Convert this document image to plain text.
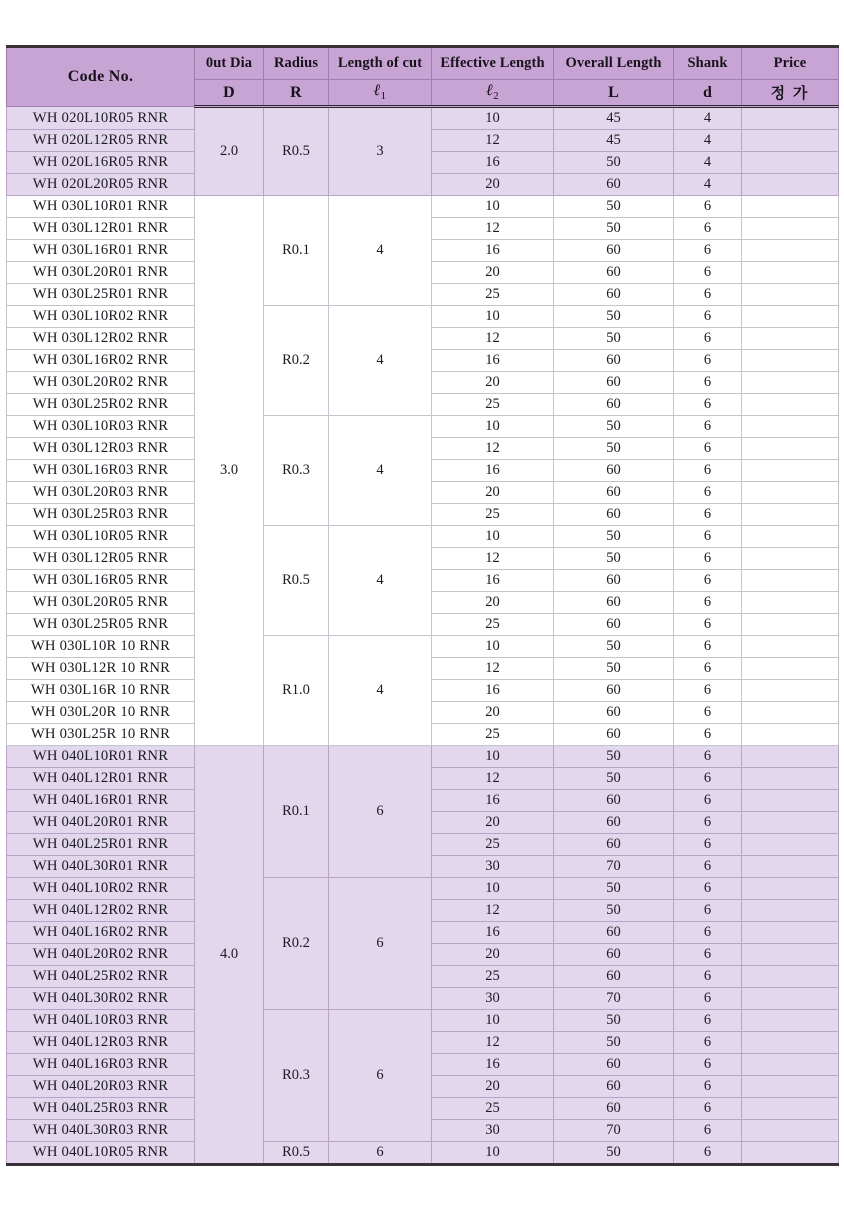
Code No.	0ut Dia	Radius	Length of cut	Effective Length	Overall Length	Shank	Price
	D	R	ℓ$_1$	ℓ$_2$	L	d	정 가
WH 020L10R05 RNR	2.0	R0.5	3	10	45	4	
WH 020L12R05 RNR				12	45	4	
WH 020L16R05 RNR				16	50	4	
WH 020L20R05 RNR				20	60	4	
WH 030L10R01 RNR	3.0	R0.1	4	10	50	6	
WH 030L12R01 RNR				12	50	6	
WH 030L16R01 RNR				16	60	6	
WH 030L20R01 RNR				20	60	6	
WH 030L25R01 RNR				25	60	6	
WH 030L10R02 RNR		R0.2	4	10	50	6	
WH 030L12R02 RNR				12	50	6	
WH 030L16R02 RNR				16	60	6	
WH 030L20R02 RNR				20	60	6	
WH 030L25R02 RNR				25	60	6	
WH 030L10R03 RNR		R0.3	4	10	50	6	
WH 030L12R03 RNR				12	50	6	
WH 030L16R03 RNR				16	60	6	
WH 030L20R03 RNR				20	60	6	
WH 030L25R03 RNR				25	60	6	
WH 030L10R05 RNR		R0.5	4	10	50	6	
WH 030L12R05 RNR				12	50	6	
WH 030L16R05 RNR				16	60	6	
WH 030L20R05 RNR				20	60	6	
WH 030L25R05 RNR				25	60	6	
WH 030L10R 10 RNR		R1.0	4	10	50	6	
WH 030L12R 10 RNR				12	50	6	
WH 030L16R 10 RNR				16	60	6	
WH 030L20R 10 RNR				20	60	6	
WH 030L25R 10 RNR				25	60	6	
WH 040L10R01 RNR	4.0	R0.1	6	10	50	6	
WH 040L12R01 RNR				12	50	6	
WH 040L16R01 RNR				16	60	6	
WH 040L20R01 RNR				20	60	6	
WH 040L25R01 RNR				25	60	6	
WH 040L30R01 RNR				30	70	6	
WH 040L10R02 RNR		R0.2	6	10	50	6	
WH 040L12R02 RNR				12	50	6	
WH 040L16R02 RNR				16	60	6	
WH 040L20R02 RNR				20	60	6	
WH 040L25R02 RNR				25	60	6	
WH 040L30R02 RNR				30	70	6	
WH 040L10R03 RNR		R0.3	6	10	50	6	
WH 040L12R03 RNR				12	50	6	
WH 040L16R03 RNR				16	60	6	
WH 040L20R03 RNR				20	60	6	
WH 040L25R03 RNR				25	60	6	
WH 040L30R03 RNR				30	70	6	
WH 040L10R05 RNR		R0.5	6	10	50	6	
